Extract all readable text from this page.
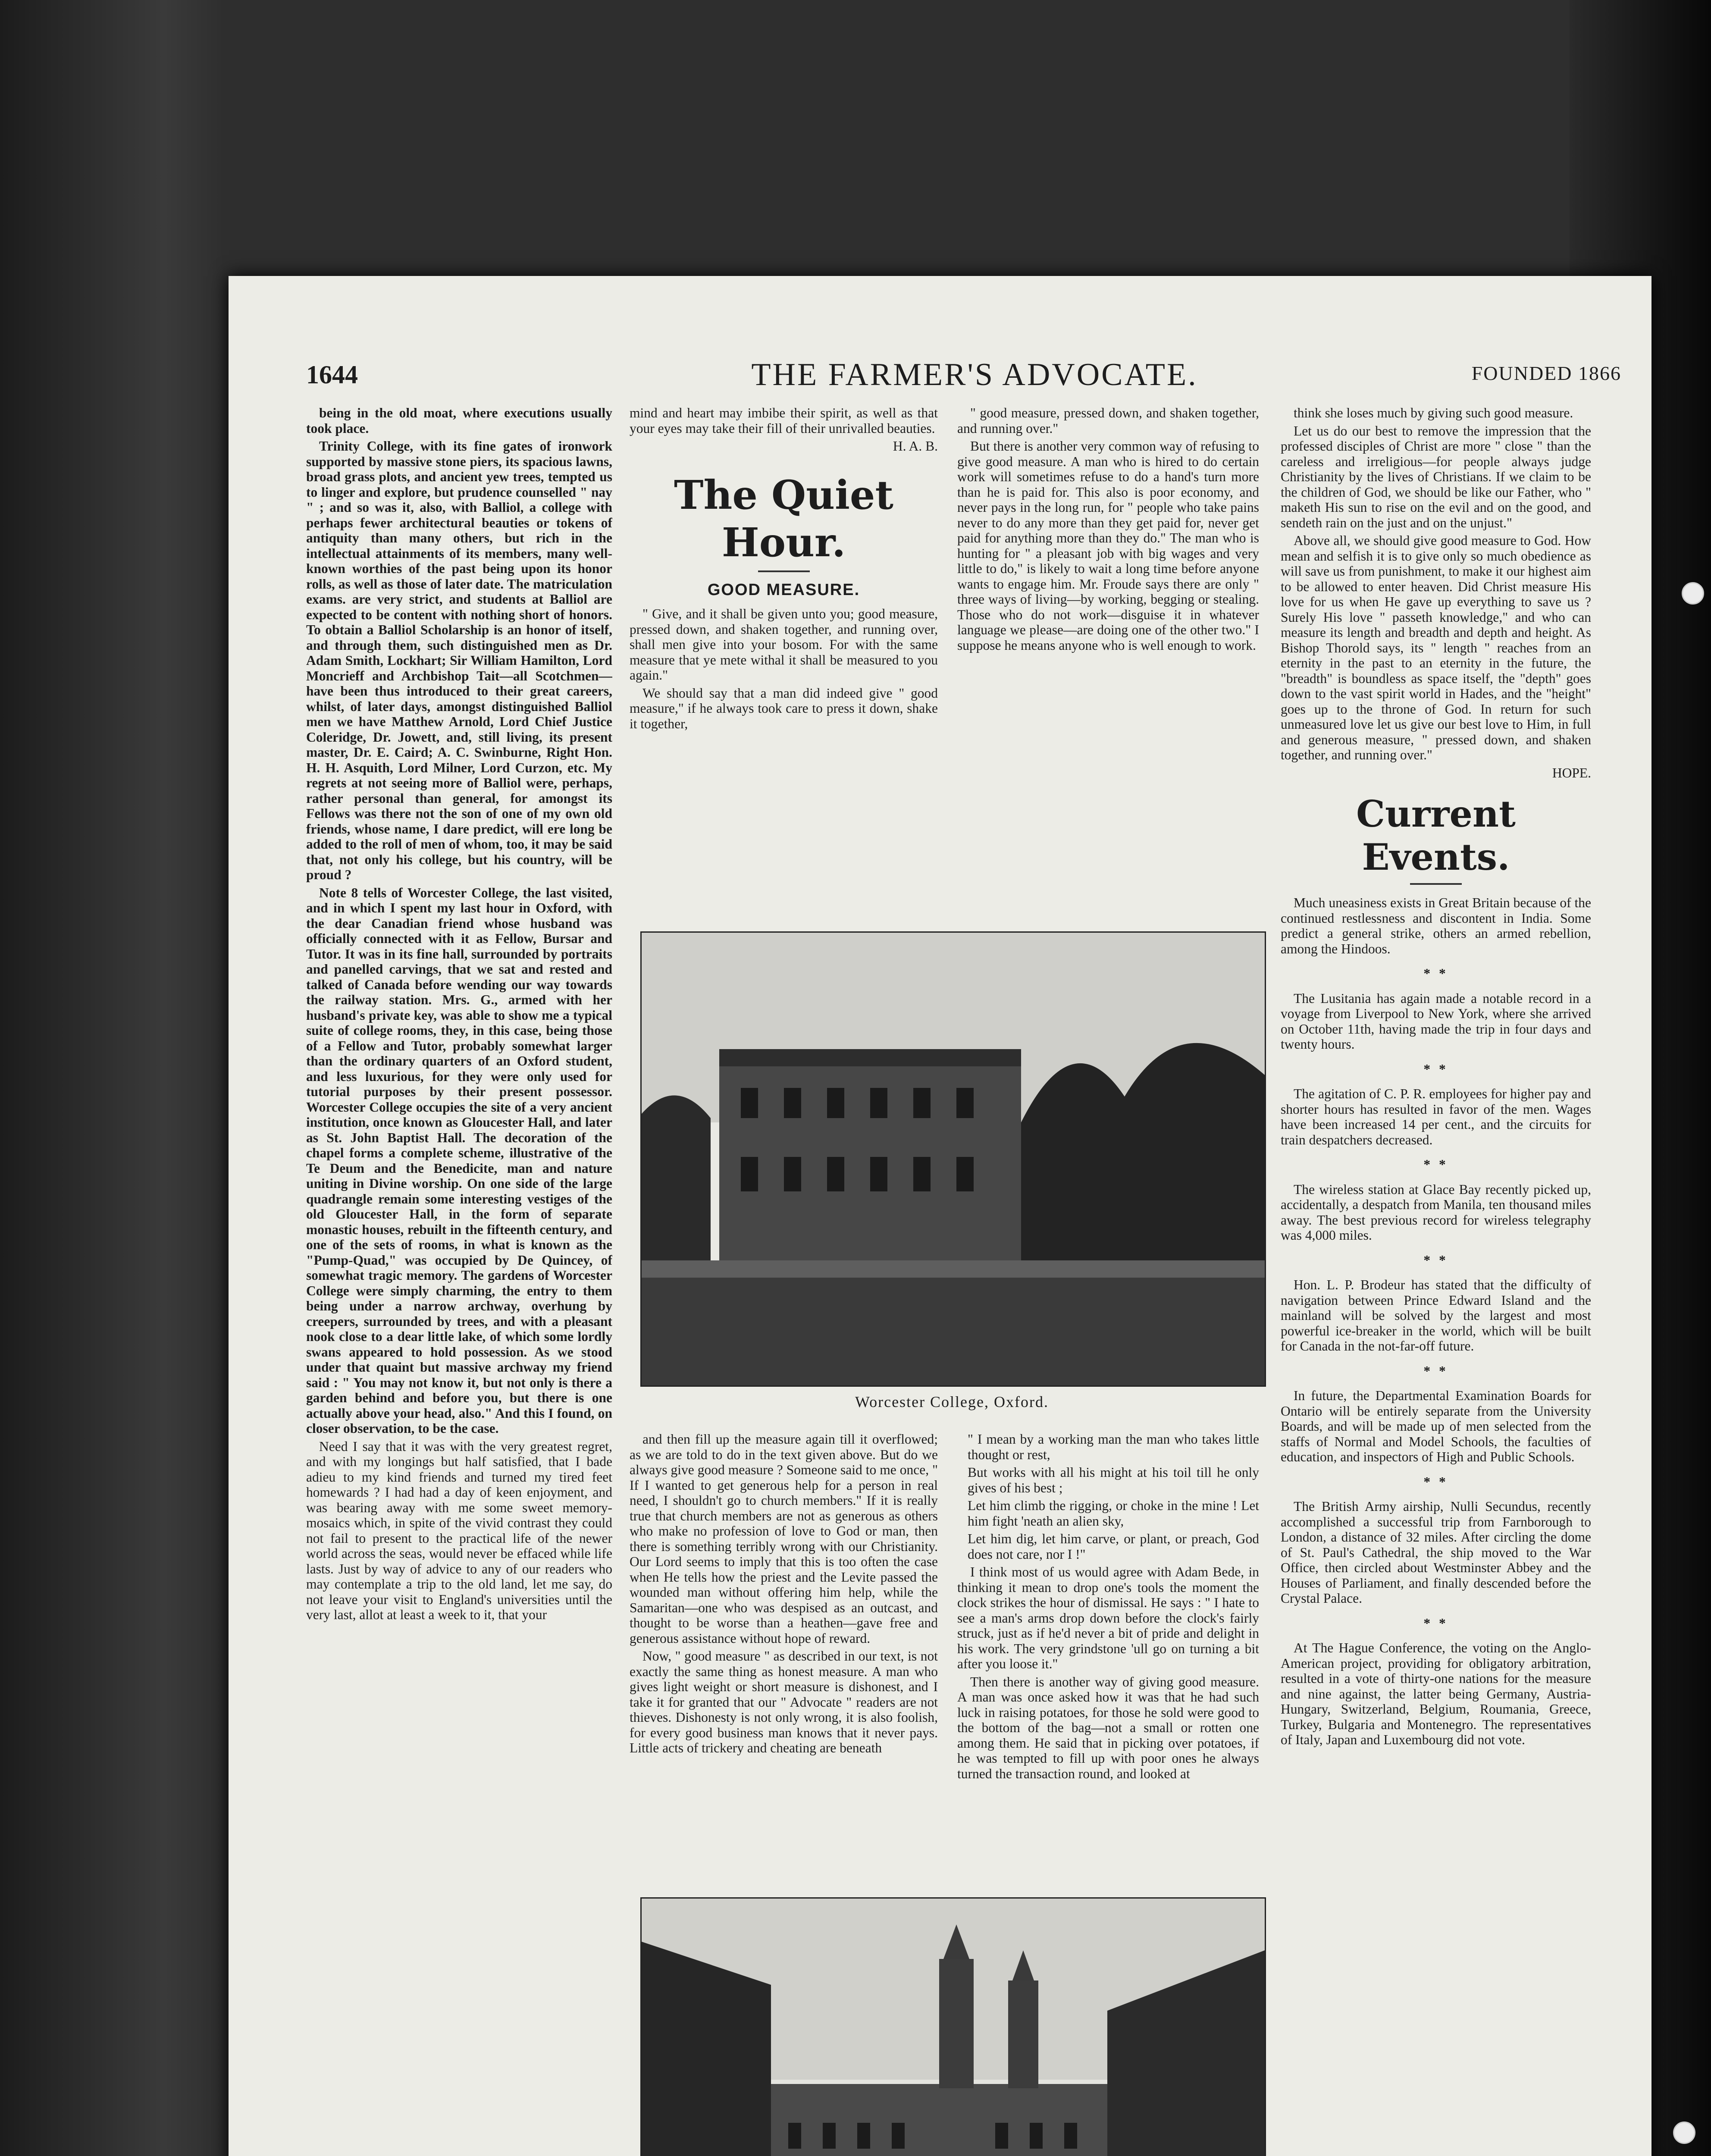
1644	THE FARMER'S ADVOCATE.	FOUNDED 1866

being in the old moat, where executions usually took place.

Trinity College, with its fine gates of ironwork supported by massive stone piers, its spacious lawns, broad grass plots, and ancient yew trees, tempted us to linger and explore, but prudence counselled " nay " ; and so was it, also, with Balliol, a college with perhaps fewer architectural beauties or tokens of antiquity than many others, but rich in the intellectual attainments of its members, many well-known worthies of the past being upon its honor rolls, as well as those of later date. The matriculation exams. are very strict, and students at Balliol are expected to be content with nothing short of honors. To obtain a Balliol Scholarship is an honor of itself, and through them, such distinguished men as Dr. Adam Smith, Lockhart; Sir William Hamilton, Lord Moncrieff and Archbishop Tait—all Scotchmen—have been thus introduced to their great careers, whilst, of later days, amongst distinguished Balliol men we have Matthew Arnold, Lord Chief Justice Coleridge, Dr. Jowett, and, still living, its present master, Dr. E. Caird; A. C. Swinburne, Right Hon. H. H. Asquith, Lord Milner, Lord Curzon, etc. My regrets at not seeing more of Balliol were, perhaps, rather personal than general, for amongst its Fellows was there not the son of one of my own old friends, whose name, I dare predict, will ere long be added to the roll of men of whom, too, it may be said that, not only his college, but his country, will be proud ?

Note 8 tells of Worcester College, the last visited, and in which I spent my last hour in Oxford, with the dear Canadian friend whose husband was officially connected with it as Fellow, Bursar and Tutor. It was in its fine hall, surrounded by portraits and panelled carvings, that we sat and rested and talked of Canada before wending our way towards the railway station. Mrs. G., armed with her husband's private key, was able to show me a typical suite of college rooms, they, in this case, being those of a Fellow and Tutor, probably somewhat larger than the ordinary quarters of an Oxford student, and less luxurious, for they were only used for tutorial purposes by their present possessor. Worcester College occupies the site of a very ancient institution, once known as Gloucester Hall, and later as St. John Baptist Hall. The decoration of the chapel forms a complete scheme, illustrative of the Te Deum and the Benedicite, man and nature uniting in Divine worship. On one side of the large quadrangle remain some interesting vestiges of the old Gloucester Hall, in the form of separate monastic houses, rebuilt in the fifteenth century, and one of the sets of rooms, in what is known as the "Pump-Quad," was occupied by De Quincey, of somewhat tragic memory. The gardens of Worcester College were simply charming, the entry to them being under a narrow archway, overhung by creepers, surrounded by trees, and with a pleasant nook close to a dear little lake, of which some lordly swans appeared to hold possession. As we stood under that quaint but massive archway my friend said : " You may not know it, but not only is there a garden behind and before you, but there is one actually above your head, also." And this I found, on closer observation, to be the case.

Need I say that it was with the very greatest regret, and with my longings but half satisfied, that I bade adieu to my kind friends and turned my tired feet homewards ? I had had a day of keen enjoyment, and was bearing away with me some sweet memory-mosaics which, in spite of the vivid contrast they could not fail to present to the practical life of the newer world across the seas, would never be effaced while life lasts. Just by way of advice to any of our readers who may contemplate a trip to the old land, let me say, do not leave your visit to England's universities until the very last, allot at least a week to it, that your

mind and heart may imbibe their spirit, as well as that your eyes may take their fill of their unrivalled beauties.

H. A. B.

The Quiet Hour.
GOOD MEASURE.

" Give, and it shall be given unto you; good measure, pressed down, and shaken together, and running over, shall men give into your bosom. For with the same measure that ye mete withal it shall be measured to you again."

We should say that a man did indeed give " good measure," if he always took care to press it down, shake it together,

" good measure, pressed down, and shaken together, and running over."

But there is another very common way of refusing to give good measure. A man who is hired to do certain work will sometimes refuse to do a hand's turn more than he is paid for. This also is poor economy, and never pays in the long run, for " people who take pains never to do any more than they get paid for, never get paid for anything more than they do." The man who is hunting for " a pleasant job with big wages and very little to do," is likely to wait a long time before anyone wants to engage him. Mr. Froude says there are only " three ways of living—by working, begging or stealing. Those who do not work—disguise it in whatever language we please—are doing one of the other two." I suppose he means anyone who is well enough to work.

think she loses much by giving such good measure.

Let us do our best to remove the impression that the professed disciples of Christ are more " close " than the careless and irreligious—for people always judge Christianity by the lives of Christians. If we claim to be the children of God, we should be like our Father, who " maketh His sun to rise on the evil and on the good, and sendeth rain on the just and on the unjust."

Above all, we should give good measure to God. How mean and selfish it is to give only so much obedience as will save us from punishment, to make it our highest aim to be allowed to enter heaven. Did Christ measure His love for us when He gave up everything to save us ? Surely His love " passeth knowledge," and who can measure its length and breadth and depth and height. As Bishop Thorold says, its " length " reaches from an eternity in the past to an eternity in the future, the "breadth" is boundless as space itself, the "depth" goes down to the vast spirit world in Hades, and the "height" goes up to the throne of God. In return for such unmeasured love let us give our best love to Him, in full and generous measure, " pressed down, and shaken together, and running over."

HOPE.

Current Events.

Much uneasiness exists in Great Britain because of the continued restlessness and discontent in India. Some predict a general strike, others an armed rebellion, among the Hindoos.

* *

The Lusitania has again made a notable record in a voyage from Liverpool to New York, where she arrived on October 11th, having made the trip in four days and twenty hours.

* *

The agitation of C. P. R. employees for higher pay and shorter hours has resulted in favor of the men. Wages have been increased 14 per cent., and the circuits for train despatchers decreased.

* *

The wireless station at Glace Bay recently picked up, accidentally, a despatch from Manila, ten thousand miles away. The best previous record for wireless telegraphy was 4,000 miles.

* *

Hon. L. P. Brodeur has stated that the difficulty of navigation between Prince Edward Island and the mainland will be solved by the largest and most powerful ice-breaker in the world, which will be built for Canada in the not-far-off future.

* *

In future, the Departmental Examination Boards for Ontario will be entirely separate from the University Boards, and will be made up of men selected from the staffs of Normal and Model Schools, the faculties of education, and inspectors of High and Public Schools.

* *

The British Army airship, Nulli Secundus, recently accomplished a successful trip from Farnborough to London, a distance of 32 miles. After circling the dome of St. Paul's Cathedral, the ship moved to the War Office, then circled about Westminster Abbey and the Houses of Parliament, and finally descended before the Crystal Palace.

* *

At The Hague Conference, the voting on the Anglo-American project, providing for obligatory arbitration, resulted in a vote of thirty-one nations for the measure and nine against, the latter being Germany, Austria-Hungary, Switzerland, Belgium, Roumania, Greece, Turkey, Bulgaria and Montenegro. The representatives of Italy, Japan and Luxembourg did not vote.

Worcester College, Oxford.

and then fill up the measure again till it overflowed; as we are told to do in the text given above. But do we always give good measure ? Someone said to me once, " If I wanted to get generous help for a person in real need, I shouldn't go to church members." If it is really true that church members are not as generous as others who make no profession of love to God or man, then there is something terribly wrong with our Christianity. Our Lord seems to imply that this is too often the case when He tells how the priest and the Levite passed the wounded man without offering him help, while the Samaritan—one who was despised as an outcast, and thought to be worse than a heathen—gave free and generous assistance without hope of reward.

Now, " good measure " as described in our text, is not exactly the same thing as honest measure. A man who gives light weight or short measure is dishonest, and I take it for granted that our " Advocate " readers are not thieves. Dishonesty is not only wrong, it is also foolish, for every good business man knows that it never pays. Little acts of trickery and cheating are beneath

" I mean by a working man the man who takes little thought or rest,

But works with all his might at his toil till he only gives of his best ;

Let him climb the rigging, or choke in the mine ! Let him fight 'neath an alien sky,

Let him dig, let him carve, or plant, or preach, God does not care, nor I !"

I think most of us would agree with Adam Bede, in thinking it mean to drop one's tools the moment the clock strikes the hour of dismissal. He says : " I hate to see a man's arms drop down before the clock's fairly struck, just as if he'd never a bit of pride and delight in his work. The very grindstone 'ull go on turning a bit after you loose it."

Then there is another way of giving good measure. A man was once asked how it was that he had such luck in raising potatoes, for those he sold were good to the bottom of the bag—not a small or rotten one among them. He said that in picking over potatoes, if he was tempted to fill up with poor ones he always turned the transaction round, and looked at
